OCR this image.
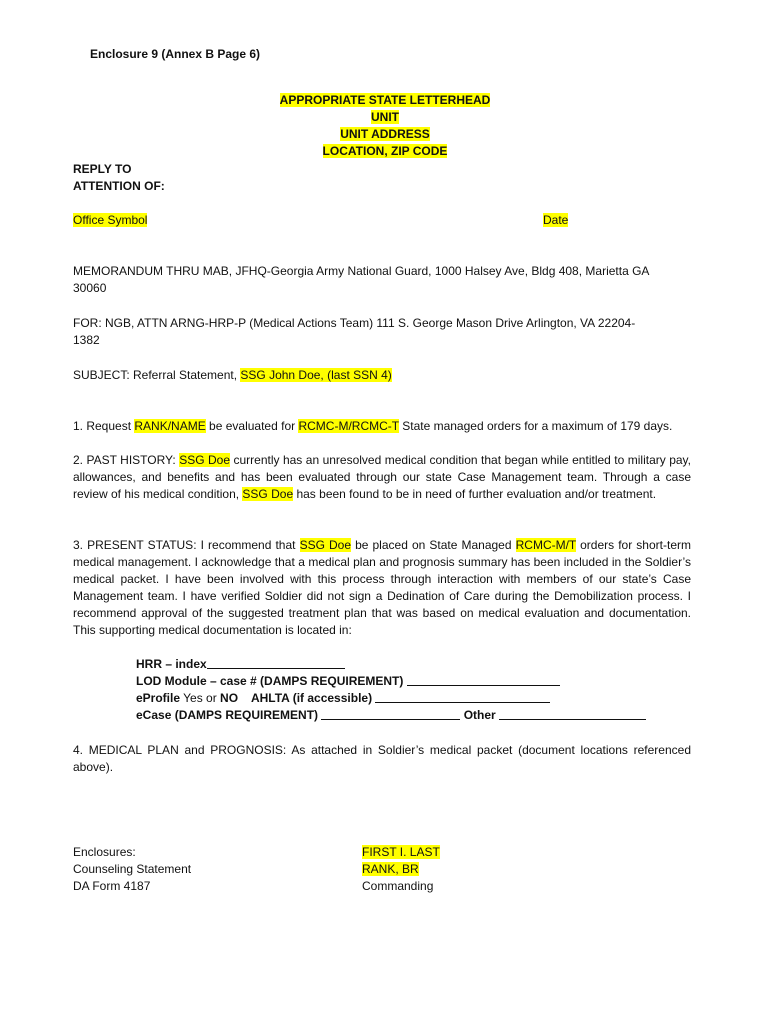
Enclosure 9 (Annex B Page 6)
APPROPRIATE STATE LETTERHEAD
UNIT
UNIT ADDRESS
LOCATION, ZIP CODE
REPLY TO
ATTENTION OF:
Office Symbol	Date
MEMORANDUM THRU MAB, JFHQ-Georgia Army National Guard, 1000 Halsey Ave, Bldg 408, Marietta GA
30060
FOR: NGB, ATTN ARNG-HRP-P (Medical Actions Team) 111 S. George Mason Drive Arlington, VA 22204-
1382
SUBJECT: Referral Statement, SSG John Doe, (last SSN 4)
1. Request RANK/NAME be evaluated for RCMC-M/RCMC-T State managed orders for a maximum of 179 days.
2. PAST HISTORY: SSG Doe currently has an unresolved medical condition that began while entitled to military pay, allowances, and benefits and has been evaluated through our state Case Management team. Through a case review of his medical condition, SSG Doe has been found to be in need of further evaluation and/or treatment.
3. PRESENT STATUS: I recommend that SSG Doe be placed on State Managed RCMC-M/T orders for short-term medical management. I acknowledge that a medical plan and prognosis summary has been included in the Soldier’s medical packet. I have been involved with this process through interaction with members of our state’s Case Management team. I have verified Soldier did not sign a Dedination of Care during the Demobilization process. I recommend approval of the suggested treatment plan that was based on medical evaluation and documentation. This supporting medical documentation is located in:
HRR – index
LOD Module – case # (DAMPS REQUIREMENT)
eProfile Yes or NO    AHLTA (if accessible)
eCase (DAMPS REQUIREMENT)	Other
4. MEDICAL PLAN and PROGNOSIS: As attached in Soldier’s medical packet (document locations referenced above).
Enclosures:
Counseling Statement
DA Form 4187
FIRST I. LAST
RANK, BR
Commanding
